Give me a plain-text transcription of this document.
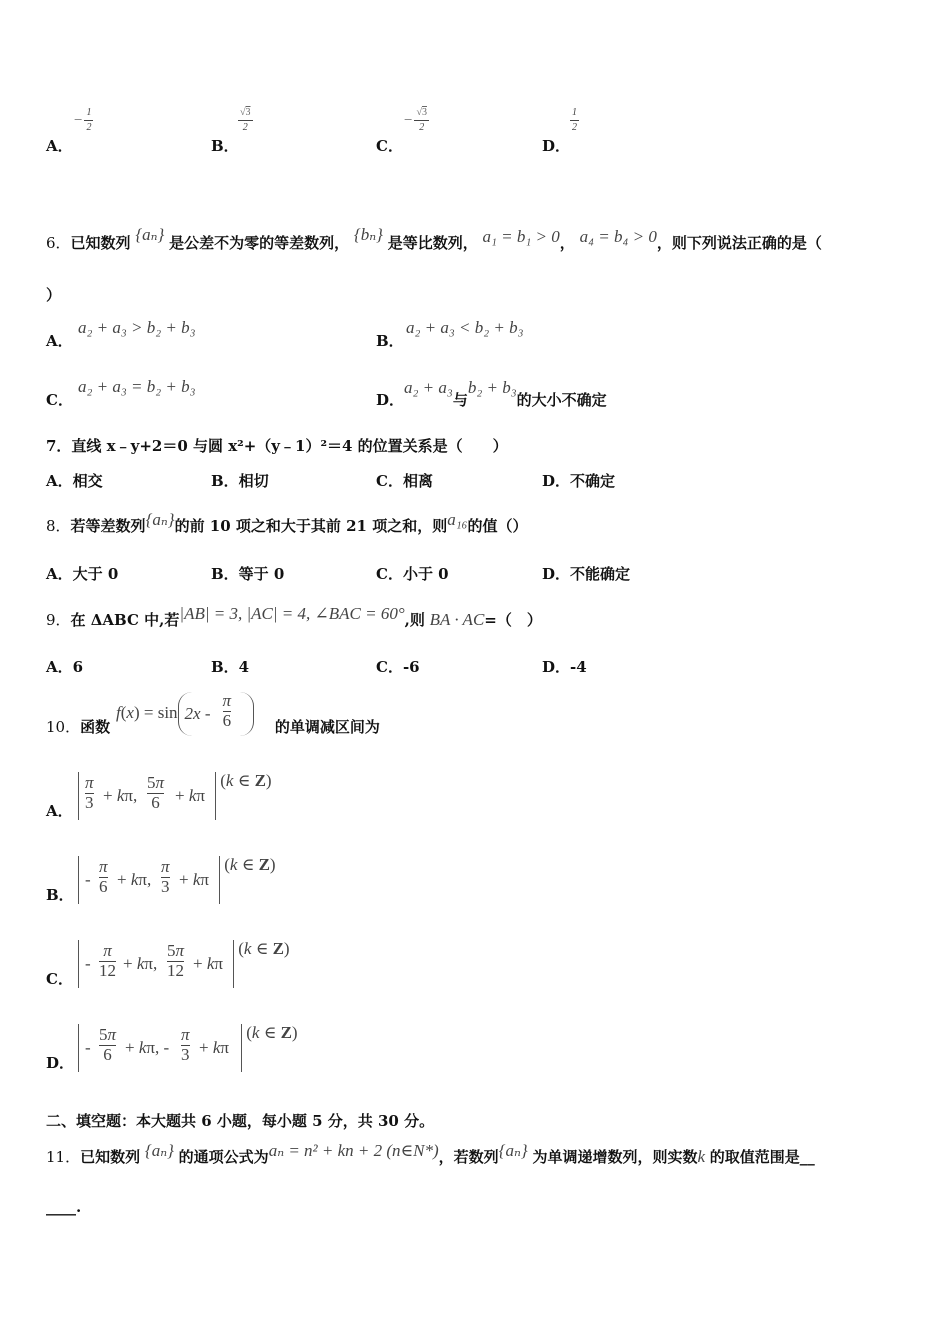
A．
− $\frac{1}{2}$
B．
$\frac{√3}{2}$
C．
− $\frac{√3}{2}$
D．
$\frac{1}{2}$
6．已知数列 {aₙ} 是公差不为零的等差数列， {bₙ} 是等比数列， a₁ = b₁ > 0， a₄ = b₄ > 0，则下列说法正确的是（
）
A．
a₂ + a₃ > b₂ + b₃
B．
a₂ + a₃ < b₂ + b₃
C．
a₂ + a₃ = b₂ + b₃
D．a₂ + a₃与b₂ + b₃的大小不确定
7．直线 x﹣y+2＝0 与圆 x²+（y﹣1）²＝4 的位置关系是（　　）
A．相交	B．相切	C．相离	D．不确定
8．若等差数列{aₙ}的前 10 项之和大于其前 21 项之和，则a₁₆的值（）
A．大于 0	B．等于 0	C．小于 0	D．不能确定
9．在 ΔABC 中,若|AB| = 3, |AC| = 4, ∠BAC = 60°,则 BA · AC=（　）
A．6	B．4	C．-6	D．-4
10．函数	的单调减区间为
f(x) = sin 2x -
π
6
A．
π
3 + kπ,
5π
6 + kπ
(k ∈ Z)
B．
-
π
6 + kπ,
π
3 + kπ
(k ∈ Z)
C．
-
π
12 + kπ,
5π
12 + kπ
(k ∈ Z)
D．
-
5π
6 + kπ, -
π
3 + kπ
(k ∈ Z)
二、填空题：本大题共 6 小题，每小题 5 分，共 30 分。
11．已知数列 {aₙ} 的通项公式为aₙ = n² + kn + 2 (n∈N*)，若数列{aₙ} 为单调递增数列，则实数k 的取值范围是__
____.
